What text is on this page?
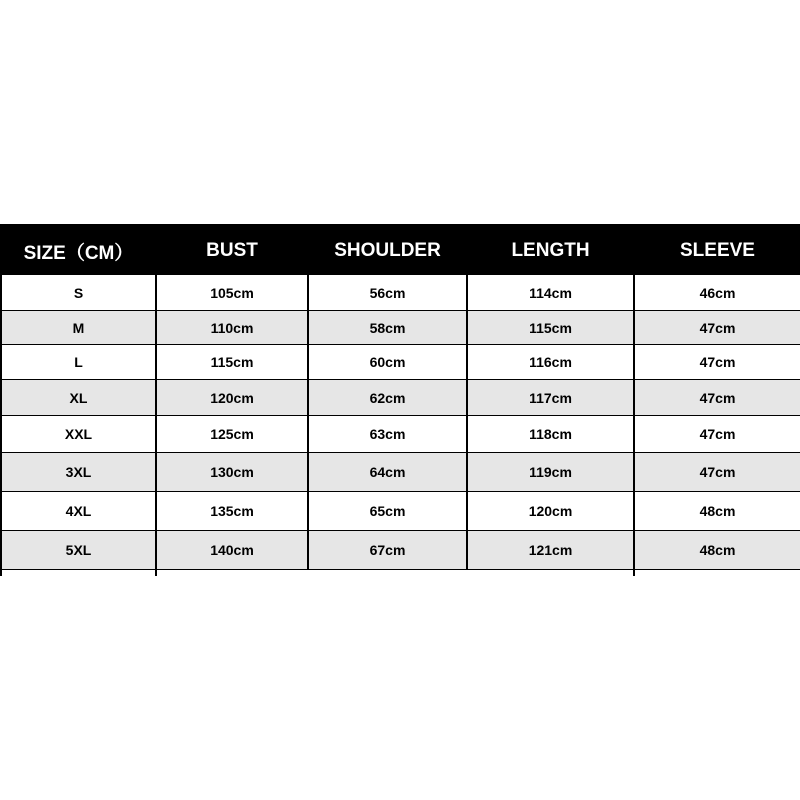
SIZE（CM）	BUST	SHOULDER	LENGTH	SLEEVE
S	105cm	56cm	114cm	46cm
M	110cm	58cm	115cm	47cm
L	115cm	60cm	116cm	47cm
XL	120cm	62cm	117cm	47cm
XXL	125cm	63cm	118cm	47cm
3XL	130cm	64cm	119cm	47cm
4XL	135cm	65cm	120cm	48cm
5XL	140cm	67cm	121cm	48cm
